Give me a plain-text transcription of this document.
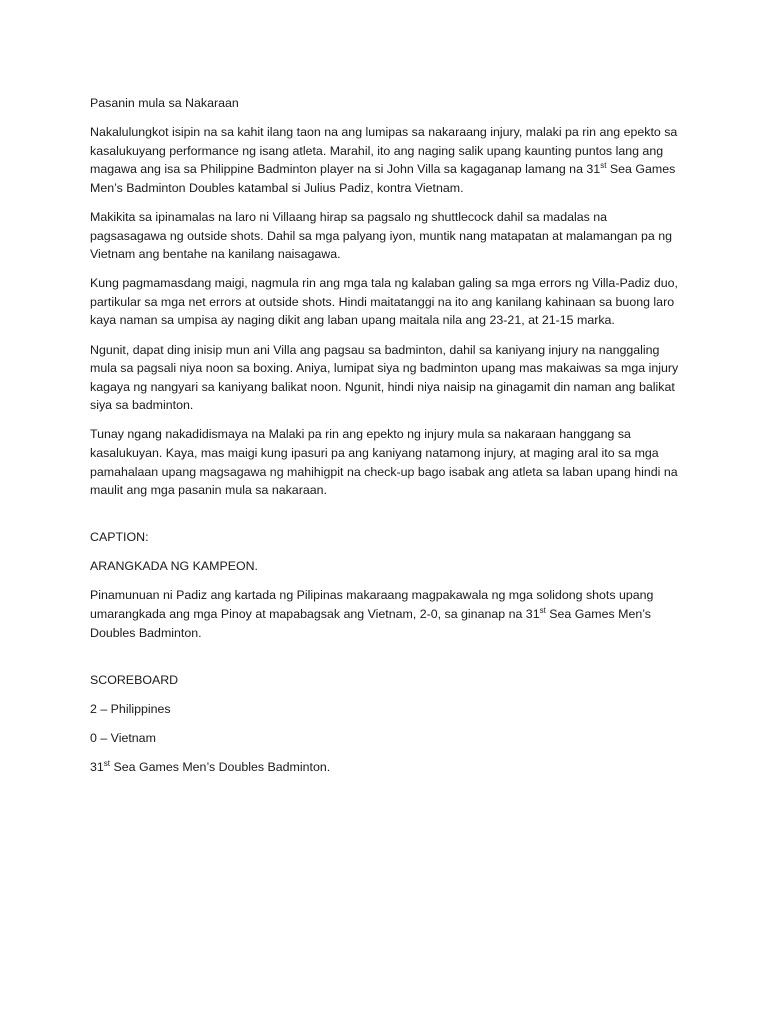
Pasanin mula sa Nakaraan

Nakalulungkot isipin na sa kahit ilang taon na ang lumipas sa nakaraang injury, malaki pa rin ang epekto sa kasalukuyang performance ng isang atleta. Marahil, ito ang naging salik upang kaunting puntos lang ang magawa ang isa sa Philippine Badminton player na si John Villa sa kagaganap lamang na 31st Sea Games Men’s Badminton Doubles katambal si Julius Padiz, kontra Vietnam.

Makikita sa ipinamalas na laro ni Villaang hirap sa pagsalo ng shuttlecock dahil sa madalas na pagsasagawa ng outside shots. Dahil sa mga palyang iyon, muntik nang matapatan at malamangan pa ng Vietnam ang bentahe na kanilang naisagawa.

Kung pagmamasdang maigi, nagmula rin ang mga tala ng kalaban galing sa mga errors ng Villa-Padiz duo, partikular sa mga net errors at outside shots. Hindi maitatanggi na ito ang kanilang kahinaan sa buong laro kaya naman sa umpisa ay naging dikit ang laban upang maitala nila ang 23-21, at 21-15 marka.

Ngunit, dapat ding inisip mun ani Villa ang pagsau sa badminton, dahil sa kaniyang injury na nanggaling mula sa pagsali niya noon sa boxing. Aniya, lumipat siya ng badminton upang mas makaiwas sa mga injury kagaya ng nangyari sa kaniyang balikat noon. Ngunit, hindi niya naisip na ginagamit din naman ang balikat siya sa badminton.

Tunay ngang nakadidismaya na Malaki pa rin ang epekto ng injury mula sa nakaraan hanggang sa kasalukuyan. Kaya, mas maigi kung ipasuri pa ang kaniyang natamong injury, at maging aral ito sa mga pamahalaan upang magsagawa ng mahihigpit na check-up bago isabak ang atleta sa laban upang hindi na maulit ang mga pasanin mula sa nakaraan.

CAPTION:

ARANGKADA NG KAMPEON.

Pinamunuan ni Padiz ang kartada ng Pilipinas makaraang magpakawala ng mga solidong shots upang umarangkada ang mga Pinoy at mapabagsak ang Vietnam, 2-0, sa ginanap na 31st Sea Games Men’s Doubles Badminton.

SCOREBOARD

2 – Philippines

0 – Vietnam

31st Sea Games Men’s Doubles Badminton.
